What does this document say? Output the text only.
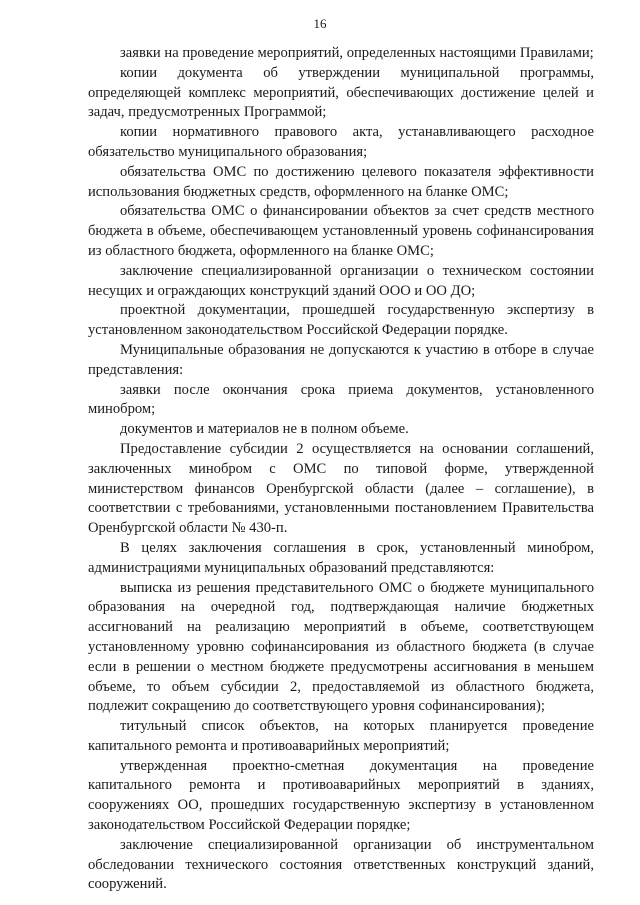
16

заявки на проведение мероприятий, определенных настоящими Правилами;

копии документа об утверждении муниципальной программы, определяющей комплекс мероприятий, обеспечивающих достижение целей и задач, предусмотренных Программой;

копии нормативного правового акта, устанавливающего расходное обязательство муниципального образования;

обязательства ОМС по достижению целевого показателя эффективности использования бюджетных средств, оформленного на бланке ОМС;

обязательства ОМС о финансировании объектов за счет средств местного бюджета в объеме, обеспечивающем установленный уровень софинансирования из областного бюджета, оформленного на бланке ОМС;

заключение специализированной организации о техническом состоянии несущих и ограждающих конструкций зданий ООО и ОО ДО;

проектной документации, прошедшей государственную экспертизу в установленном законодательством Российской Федерации порядке.

Муниципальные образования не допускаются к участию в отборе в случае представления:

заявки после окончания срока приема документов, установленного минобром;

документов и материалов не в полном объеме.

Предоставление субсидии 2 осуществляется на основании соглашений, заключенных минобром с ОМС по типовой форме, утвержденной министерством финансов Оренбургской области (далее – соглашение), в соответствии с требованиями, установленными постановлением Правительства Оренбургской области № 430-п.

В целях заключения соглашения в срок, установленный минобром, администрациями муниципальных образований представляются:

выписка из решения представительного ОМС о бюджете муниципального образования на очередной год, подтверждающая наличие бюджетных ассигнований на реализацию мероприятий в объеме, соответствующем установленному уровню софинансирования из областного бюджета (в случае если в решении о местном бюджете предусмотрены ассигнования в меньшем объеме, то объем субсидии 2, предоставляемой из областного бюджета, подлежит сокращению до соответствующего уровня софинансирования);

титульный список объектов, на которых планируется проведение капитального ремонта и противоаварийных мероприятий;

утвержденная проектно-сметная документация на проведение капитального ремонта и противоаварийных мероприятий в зданиях, сооружениях ОО, прошедших государственную экспертизу в установленном законодательством Российской Федерации порядке;

заключение специализированной организации об инструментальном обследовании технического состояния ответственных конструкций зданий, сооружений.
